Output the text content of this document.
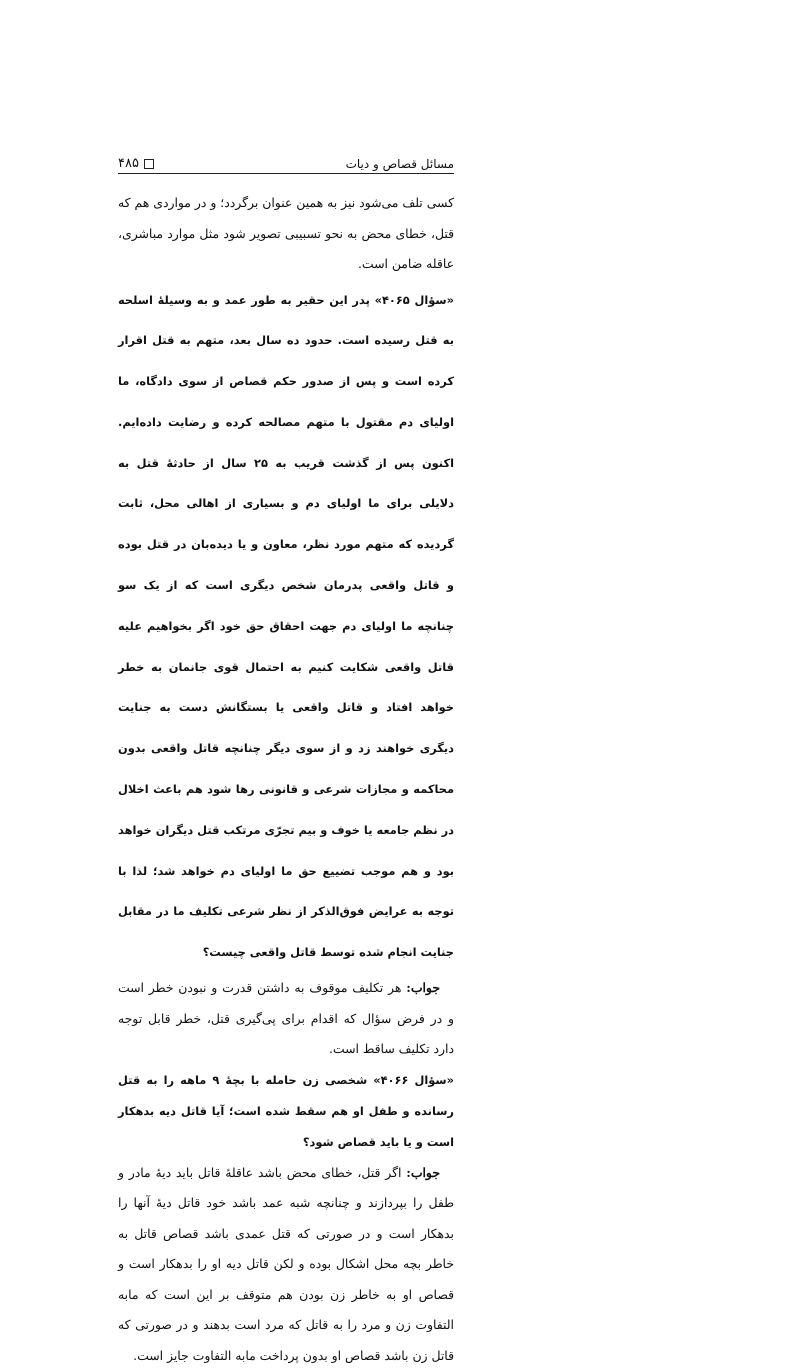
مسائل قصاص و دیات
۴۸۵

کسی تلف می‌شود نیز به همین عنوان برگردد؛ و در مواردی هم که قتل، خطای محض به نحو تسبیبی تصویر شود مثل موارد مباشری، عاقله ضامن است.

«سؤال ۴۰۶۵» پدر این حقیر به طور عمد و به وسیلهٔ اسلحه به قتل رسیده است. حدود ده سال بعد، متهم به قتل اقرار کرده است و پس از صدور حکم قصاص از سوی دادگاه، ما اولیای دم مقتول با متهم مصالحه کرده و رضایت داده‌ایم. اکنون پس از گذشت قریب به ۲۵ سال از حادثهٔ قتل به دلایلی برای ما اولیای دم و بسیاری از اهالی محل، ثابت گردیده که متهم مورد نظر، معاون و یا دیده‌بان در قتل بوده و قاتل واقعی پدرمان شخص دیگری است که از یک سو چنانچه ما اولیای دم جهت احقاق حق خود اگر بخواهیم علیه قاتل واقعی شکایت کنیم به احتمال قوی جانمان به خطر خواهد افتاد و قاتل واقعی یا بستگانش دست به جنایت دیگری خواهند زد و از سوی دیگر چنانچه قاتل واقعی بدون محاکمه و مجازات شرعی و قانونی رها شود هم باعث اخلال در نظم جامعه یا خوف و بیم تجرّی مرتکب قتل دیگران خواهد بود و هم موجب تضییع حق ما اولیای دم خواهد شد؛ لذا با توجه به عرایض فوق‌الذکر از نظر شرعی تکلیف ما در مقابل جنایت انجام شده توسط قاتل واقعی چیست؟

جواب: هر تکلیف موقوف به داشتن قدرت و نبودن خطر است و در فرض سؤال که اقدام برای پی‌گیری قتل، خطر قابل توجه دارد تکلیف ساقط است.

«سؤال ۴۰۶۶» شخصی زن حامله با بچهٔ ۹ ماهه را به قتل رسانده و طفل او هم سقط شده است؛ آیا قاتل دیه بدهکار است و یا باید قصاص شود؟

جواب: اگر قتل، خطای محض باشد عاقلهٔ قاتل باید دیهٔ مادر و طفل را بپردازند و چنانچه شبه عمد باشد خود قاتل دیهٔ آنها را بدهکار است و در صورتی که قتل عمدی باشد قصاص قاتل به خاطر بچه محل اشکال بوده و لکن قاتل دیه او را بدهکار است و قصاص او به خاطر زن بودن هم متوقف بر این است که مابه التفاوت زن و مرد را به قاتل که مرد است بدهند و در صورتی که قاتل زن باشد قصاص او بدون پرداخت مابه التفاوت جایز است.
